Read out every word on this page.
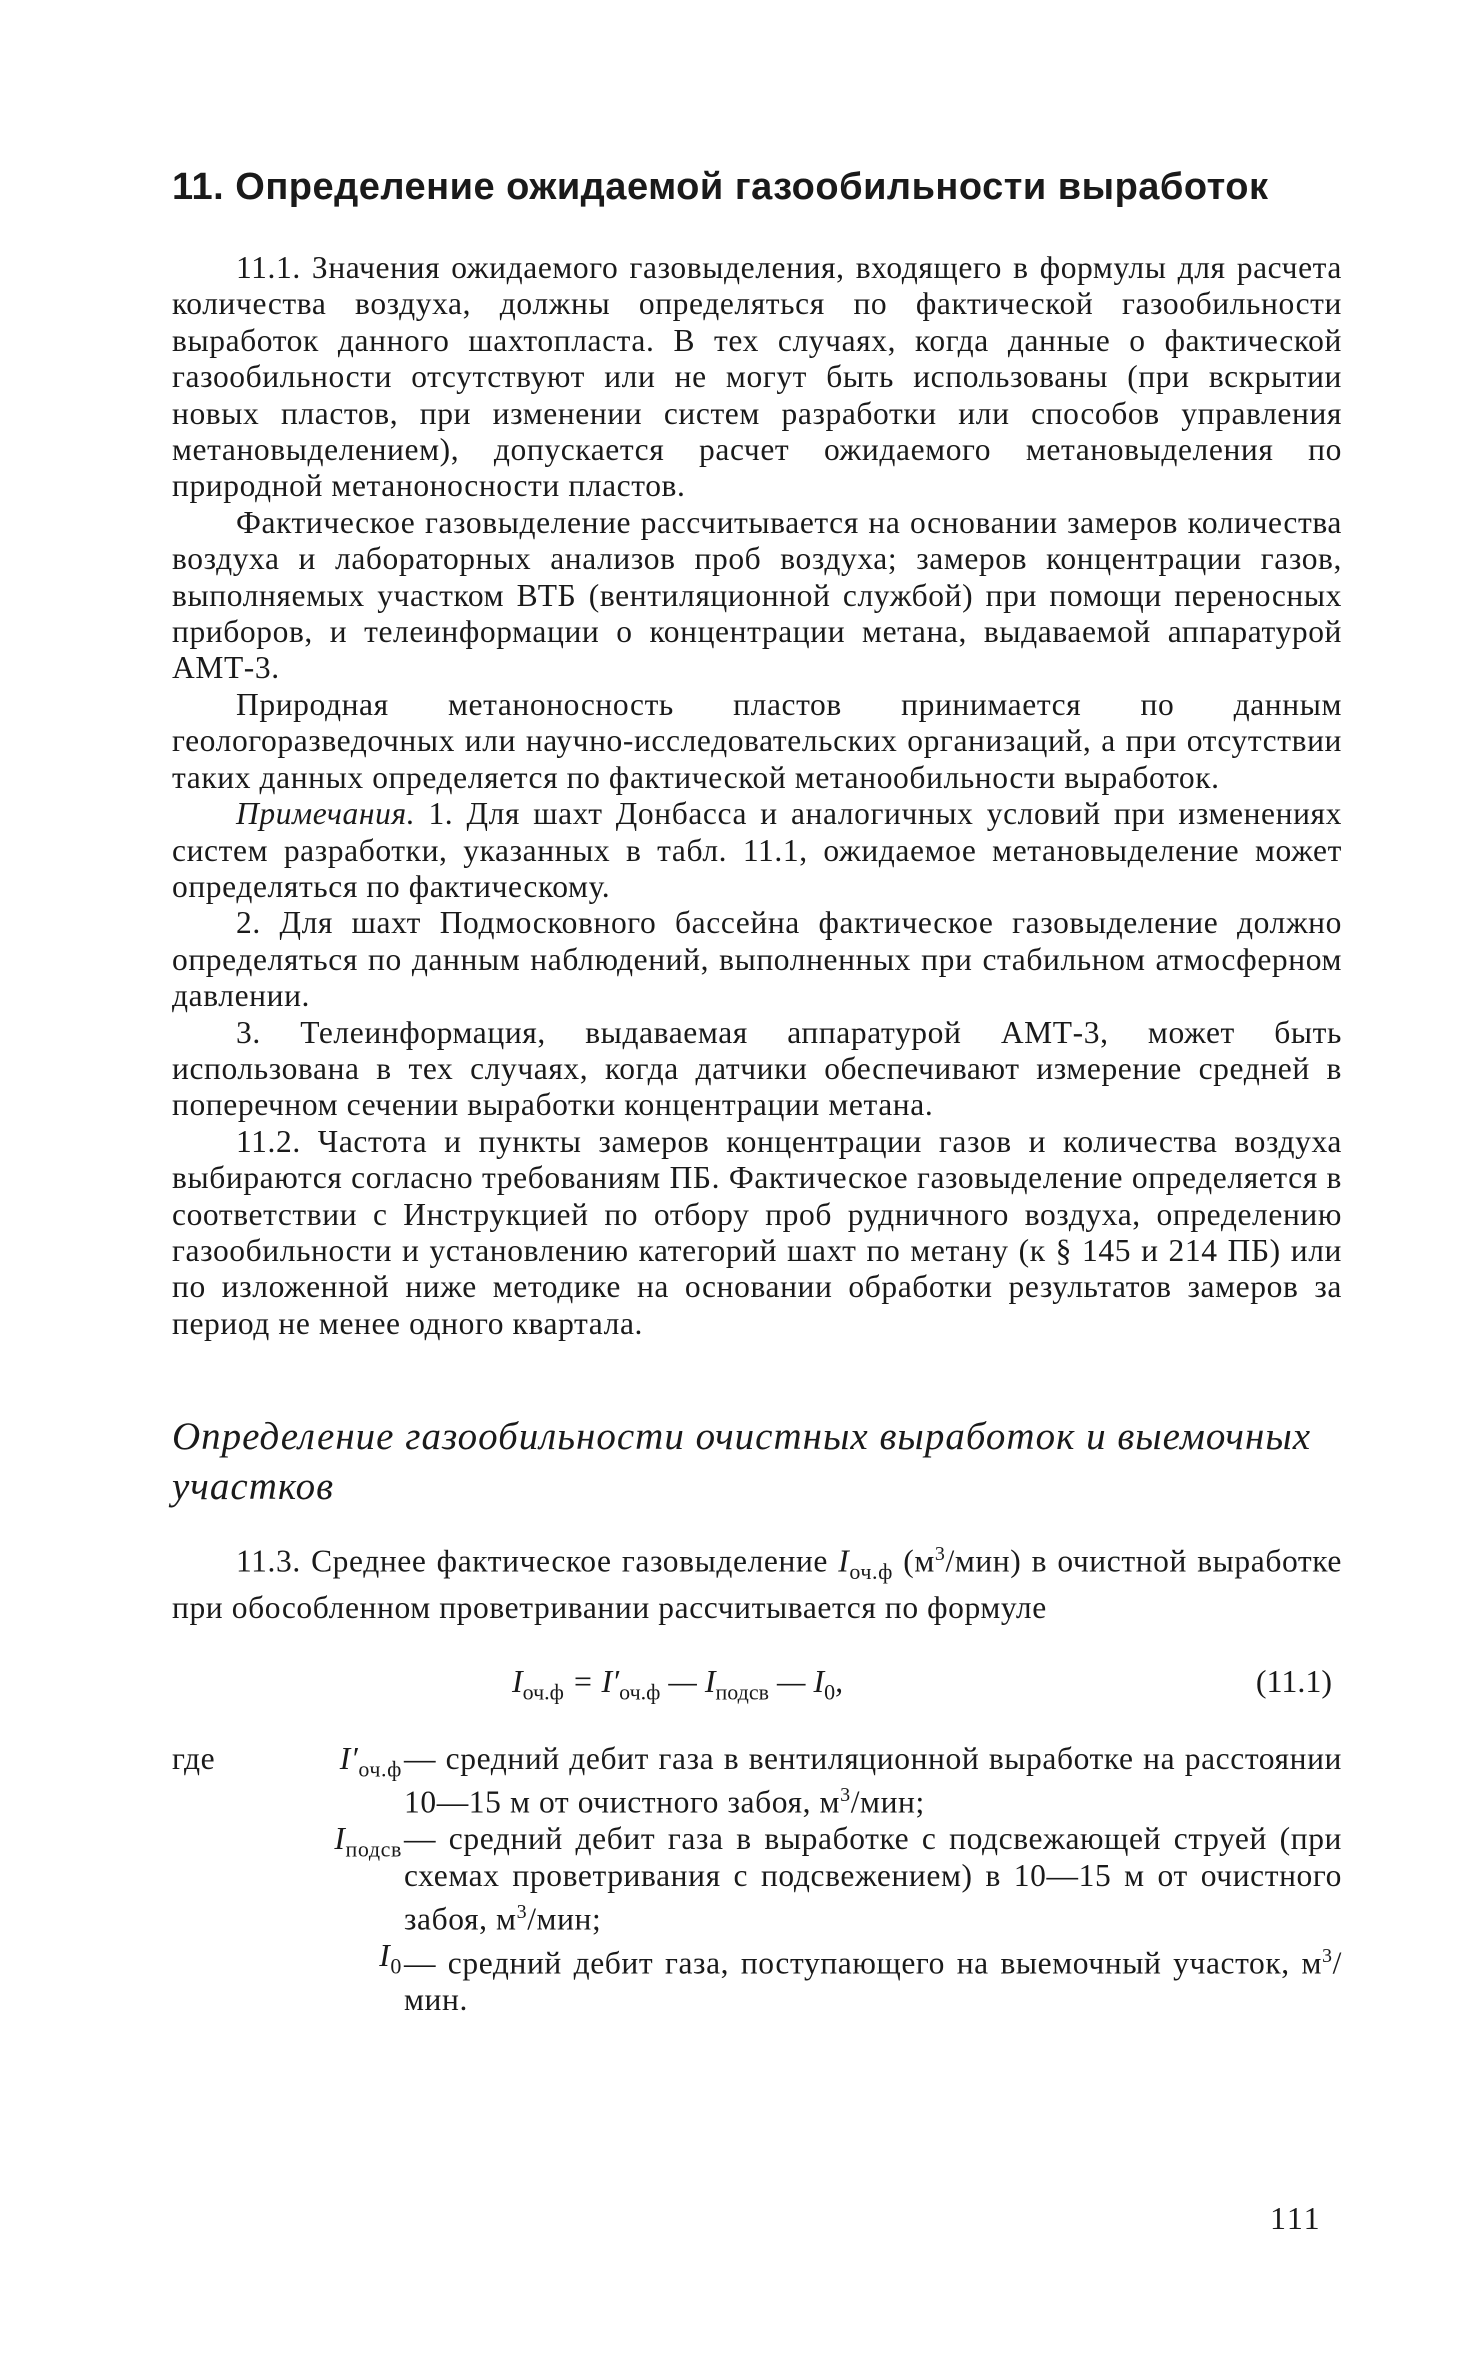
11. Определение ожидаемой газообильности выработок

11.1. Значения ожидаемого газовыделения, входящего в формулы для расчета количества воздуха, должны определяться по фактической газообильности выработок данного шахтопласта. В тех случаях, когда данные о фактической газообильности отсутствуют или не могут быть использованы (при вскрытии новых пластов, при изменении систем разработки или способов управления метановыделением), допускается расчет ожидаемого метановыделения по природной метаноносности пластов.

Фактическое газовыделение рассчитывается на основании замеров количества воздуха и лабораторных анализов проб воздуха; замеров концентрации газов, выполняемых участком ВТБ (вентиляционной службой) при помощи переносных приборов, и телеинформации о концентрации метана, выдаваемой аппаратурой АМТ-3.

Природная метаноносность пластов принимается по данным геологоразведочных или научно-исследовательских организаций, а при отсутствии таких данных определяется по фактической метанообильности выработок.

Примечания. 1. Для шахт Донбасса и аналогичных условий при изменениях систем разработки, указанных в табл. 11.1, ожидаемое метановыделение может определяться по фактическому.

2. Для шахт Подмосковного бассейна фактическое газовыделение должно определяться по данным наблюдений, выполненных при стабильном атмосферном давлении.

3. Телеинформация, выдаваемая аппаратурой АМТ-3, может быть использована в тех случаях, когда датчики обеспечивают измерение средней в поперечном сечении выработки концентрации метана.

11.2. Частота и пункты замеров концентрации газов и количества воздуха выбираются согласно требованиям ПБ. Фактическое газовыделение определяется в соответствии с Инструкцией по отбору проб рудничного воздуха, определению газообильности и установлению категорий шахт по метану (к § 145 и 214 ПБ) или по изложенной ниже методике на основании обработки результатов замеров за период не менее одного квартала.

Определение газообильности очистных выработок и выемочных участков

11.3. Среднее фактическое газовыделение $I_{оч.ф}$ $(м^3/мин)$ в очистной выработке при обособленном проветривании рассчитывается по формуле

$I_{оч.ф} = I'_{оч.ф}$ — $I_{подсв}$ — $I_0$,	(11.1)
где	$I'_{оч.ф}$ — средний дебит газа в вентиляционной выработке на расстоянии 10—15 м от очистного забоя, $м^3$/мин;
$I_{подсв}$ — средний дебит газа в выработке с подсвежающей струей (при схемах проветривания с подсвежением) в 10—15 м от очистного забоя, $м^3$/мин;
$I_0$ — средний дебит газа, поступающего на выемочный участок, $м^3$/мин.
111
